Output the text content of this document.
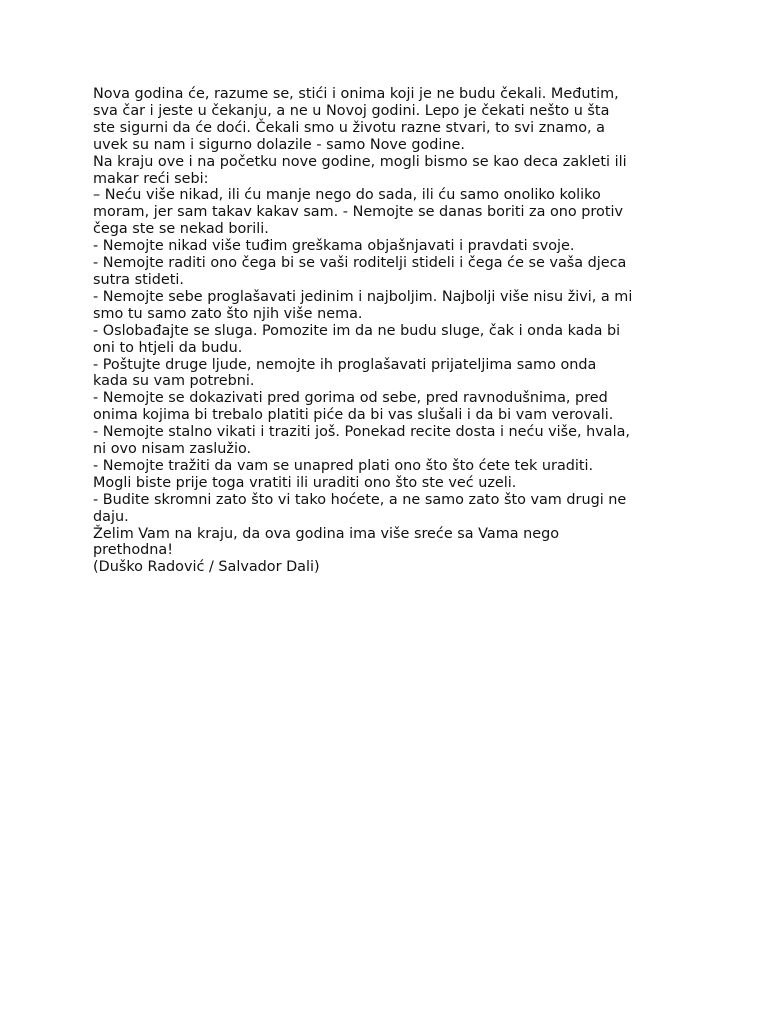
Nova godina će, razume se, stići i onima koji je ne budu čekali. Međutim,
sva čar i jeste u čekanju, a ne u Novoj godini. Lepo je čekati nešto u šta
ste sigurni da će doći. Čekali smo u životu razne stvari, to svi znamo, a
uvek su nam i sigurno dolazile - samo Nove godine.
Na kraju ove i na početku nove godine, mogli bismo se kao deca zakleti ili
makar reći sebi:
– Neću više nikad, ili ću manje nego do sada, ili ću samo onoliko koliko
moram, jer sam takav kakav sam. - Nemojte se danas boriti za ono protiv
čega ste se nekad borili.
- Nemojte nikad više tuđim greškama objašnjavati i pravdati svoje.
- Nemojte raditi ono čega bi se vaši roditelji stideli i čega će se vaša djeca
sutra stideti.
- Nemojte sebe proglašavati jedinim i najboljim. Najbolji više nisu živi, a mi
smo tu samo zato što njih više nema.
- Oslobađajte se sluga. Pomozite im da ne budu sluge, čak i onda kada bi
oni to htjeli da budu.
- Poštujte druge ljude, nemojte ih proglašavati prijateljima samo onda
kada su vam potrebni.
- Nemojte se dokazivati pred gorima od sebe, pred ravnodušnima, pred
onima kojima bi trebalo platiti piće da bi vas slušali i da bi vam verovali.
- Nemojte stalno vikati i traziti još. Ponekad recite dosta i neću više, hvala,
ni ovo nisam zaslužio.
- Nemojte tražiti da vam se unapred plati ono što što ćete tek uraditi.
Mogli biste prije toga vratiti ili uraditi ono što ste već uzeli.
- Budite skromni zato što vi tako hoćete, a ne samo zato što vam drugi ne
daju.
Želim Vam na kraju, da ova godina ima više sreće sa Vama nego
prethodna!
(Duško Radović / Salvador Dali)
